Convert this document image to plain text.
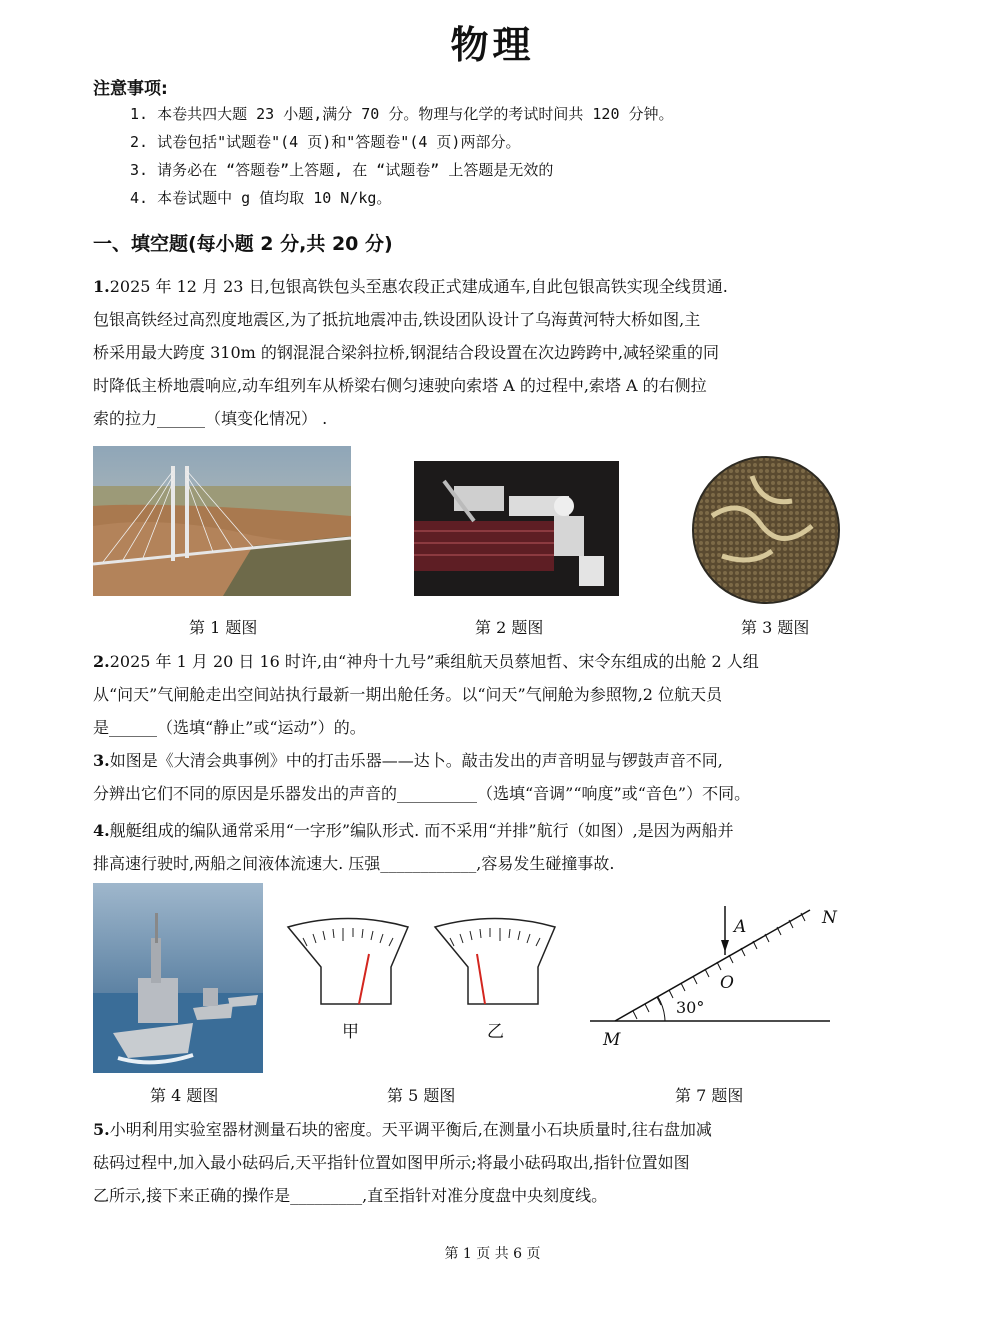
物理
注意事项:
1. 本卷共四大题 23 小题,满分 70 分。物理与化学的考试时间共 120 分钟。
2. 试卷包括"试题卷"(4 页)和"答题卷"(4 页)两部分。
3. 请务必在 “答题卷”上答题, 在 “试题卷” 上答题是无效的
4. 本卷试题中 g 值均取 10 N/kg。
一、填空题(每小题 2 分,共 20 分)
1.2025 年 12 月 23 日,包银高铁包头至惠农段正式建成通车,自此包银高铁实现全线贯通.
包银高铁经过高烈度地震区,为了抵抗地震冲击,铁设团队设计了乌海黄河特大桥如图,主
桥采用最大跨度 310m 的钢混混合梁斜拉桥,钢混结合段设置在次边跨跨中,减轻梁重的同
时降低主桥地震响应,动车组列车从桥梁右侧匀速驶向索塔 A 的过程中,索塔 A 的右侧拉
索的拉力______（填变化情况） .
第 1 题图	第 2 题图	第 3 题图
2.2025 年 1 月 20 日 16 时许,由“神舟十九号”乘组航天员蔡旭哲、宋令东组成的出舱 2 人组
从“问天”气闸舱走出空间站执行最新一期出舱任务。以“问天”气闸舱为参照物,2 位航天员
是______（选填“静止”或“运动”）的。
3.如图是《大清会典事例》中的打击乐器——达卜。敲击发出的声音明显与锣鼓声音不同,
分辨出它们不同的原因是乐器发出的声音的__________（选填“音调”“响度”或“音色”）不同。
4.舰艇组成的编队通常采用“一字形”编队形式. 而不采用“并排”航行（如图）,是因为两船并
排高速行驶时,两船之间液体流速大. 压强____________,容易发生碰撞事故.
甲	乙
N
A
O
30°
M
第 4 题图	第 5 题图	第 7 题图
5.小明利用实验室器材测量石块的密度。天平调平衡后,在测量小石块质量时,往右盘加减
砝码过程中,加入最小砝码后,天平指针位置如图甲所示;将最小砝码取出,指针位置如图
乙所示,接下来正确的操作是_________,直至指针对准分度盘中央刻度线。
第 1 页 共 6 页
